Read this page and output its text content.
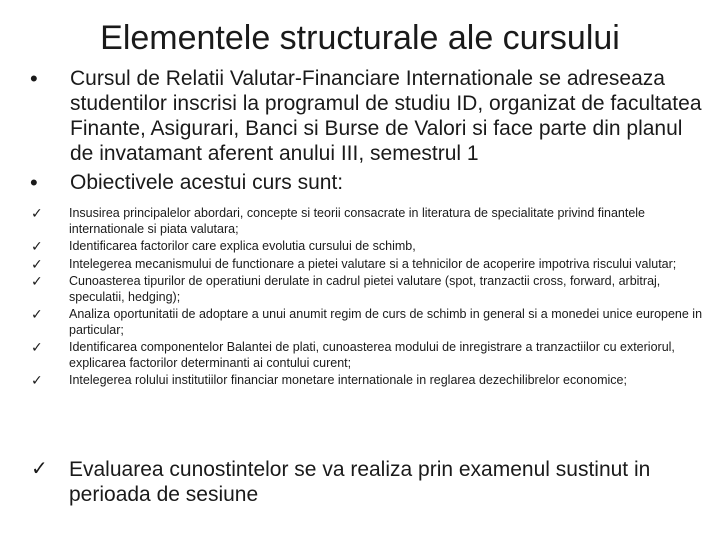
Elementele structurale ale cursului
•	Cursul de Relatii Valutar-Financiare Internationale se adreseaza studentilor inscrisi la programul de studiu ID, organizat de facultatea Finante, Asigurari, Banci si Burse de Valori si face parte din planul de invatamant aferent anului III, semestrul 1
•	Obiectivele acestui curs sunt:
✓	Insusirea principalelor abordari, concepte si teorii consacrate in literatura de specialitate privind finantele internationale si piata valutara;
✓	Identificarea factorilor care explica evolutia cursului de schimb,
✓	Intelegerea mecanismului de functionare a pietei valutare si a tehnicilor de acoperire impotriva riscului valutar;
✓	Cunoasterea tipurilor de operatiuni derulate in cadrul pietei valutare (spot, tranzactii cross, forward, arbitraj, speculatii, hedging);
✓	Analiza oportunitatii de adoptare a unui anumit regim de curs de schimb in general si a monedei unice europene in particular;
✓	Identificarea componentelor Balantei de plati, cunoasterea modului de inregistrare a tranzactiilor cu exteriorul, explicarea factorilor determinanti ai contului curent;
✓	Intelegerea rolului institutiilor financiar monetare internationale in reglarea dezechilibrelor economice;
✓	Evaluarea cunostintelor se va realiza prin examenul sustinut in perioada de sesiune
